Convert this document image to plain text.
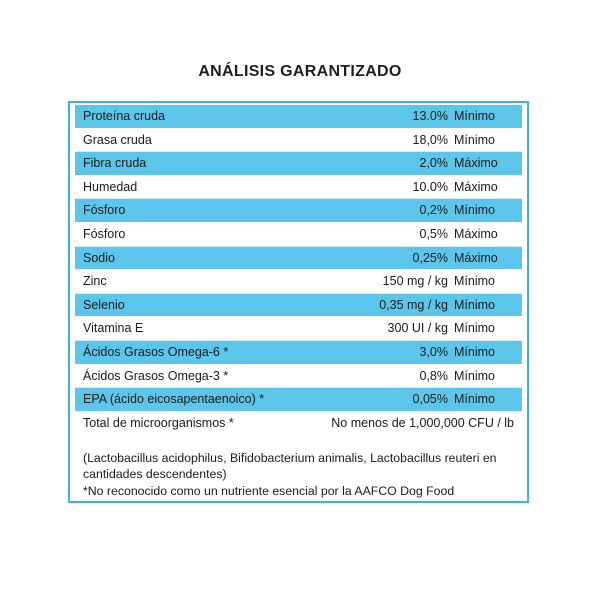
ANÁLISIS GARANTIZADO
Proteína cruda	13.0% Mínimo
Grasa cruda	18,0% Mínimo
Fibra cruda	2,0% Máximo
Humedad	10.0% Máximo
Fósforo	0,2% Mínimo
Fósforo	0,5% Máximo
Sodio	0,25% Máximo
Zinc	150 mg / kg Mínimo
Selenio	0,35 mg / kg Mínimo
Vitamina E	300 UI / kg Mínimo
Ácidos Grasos Omega-6 *	3,0% Mínimo
Ácidos Grasos Omega-3 *	0,8% Mínimo
EPA (ácido eicosapentaenoico) *	0,05% Mínimo
Total de microorganismos *	No menos de 1,000,000 CFU / lb

(Lactobacillus acidophilus, Bifidobacterium animalis, Lactobacillus reuteri en cantidades descendentes)

*No reconocido como un nutriente esencial por la AAFCO Dog Food
